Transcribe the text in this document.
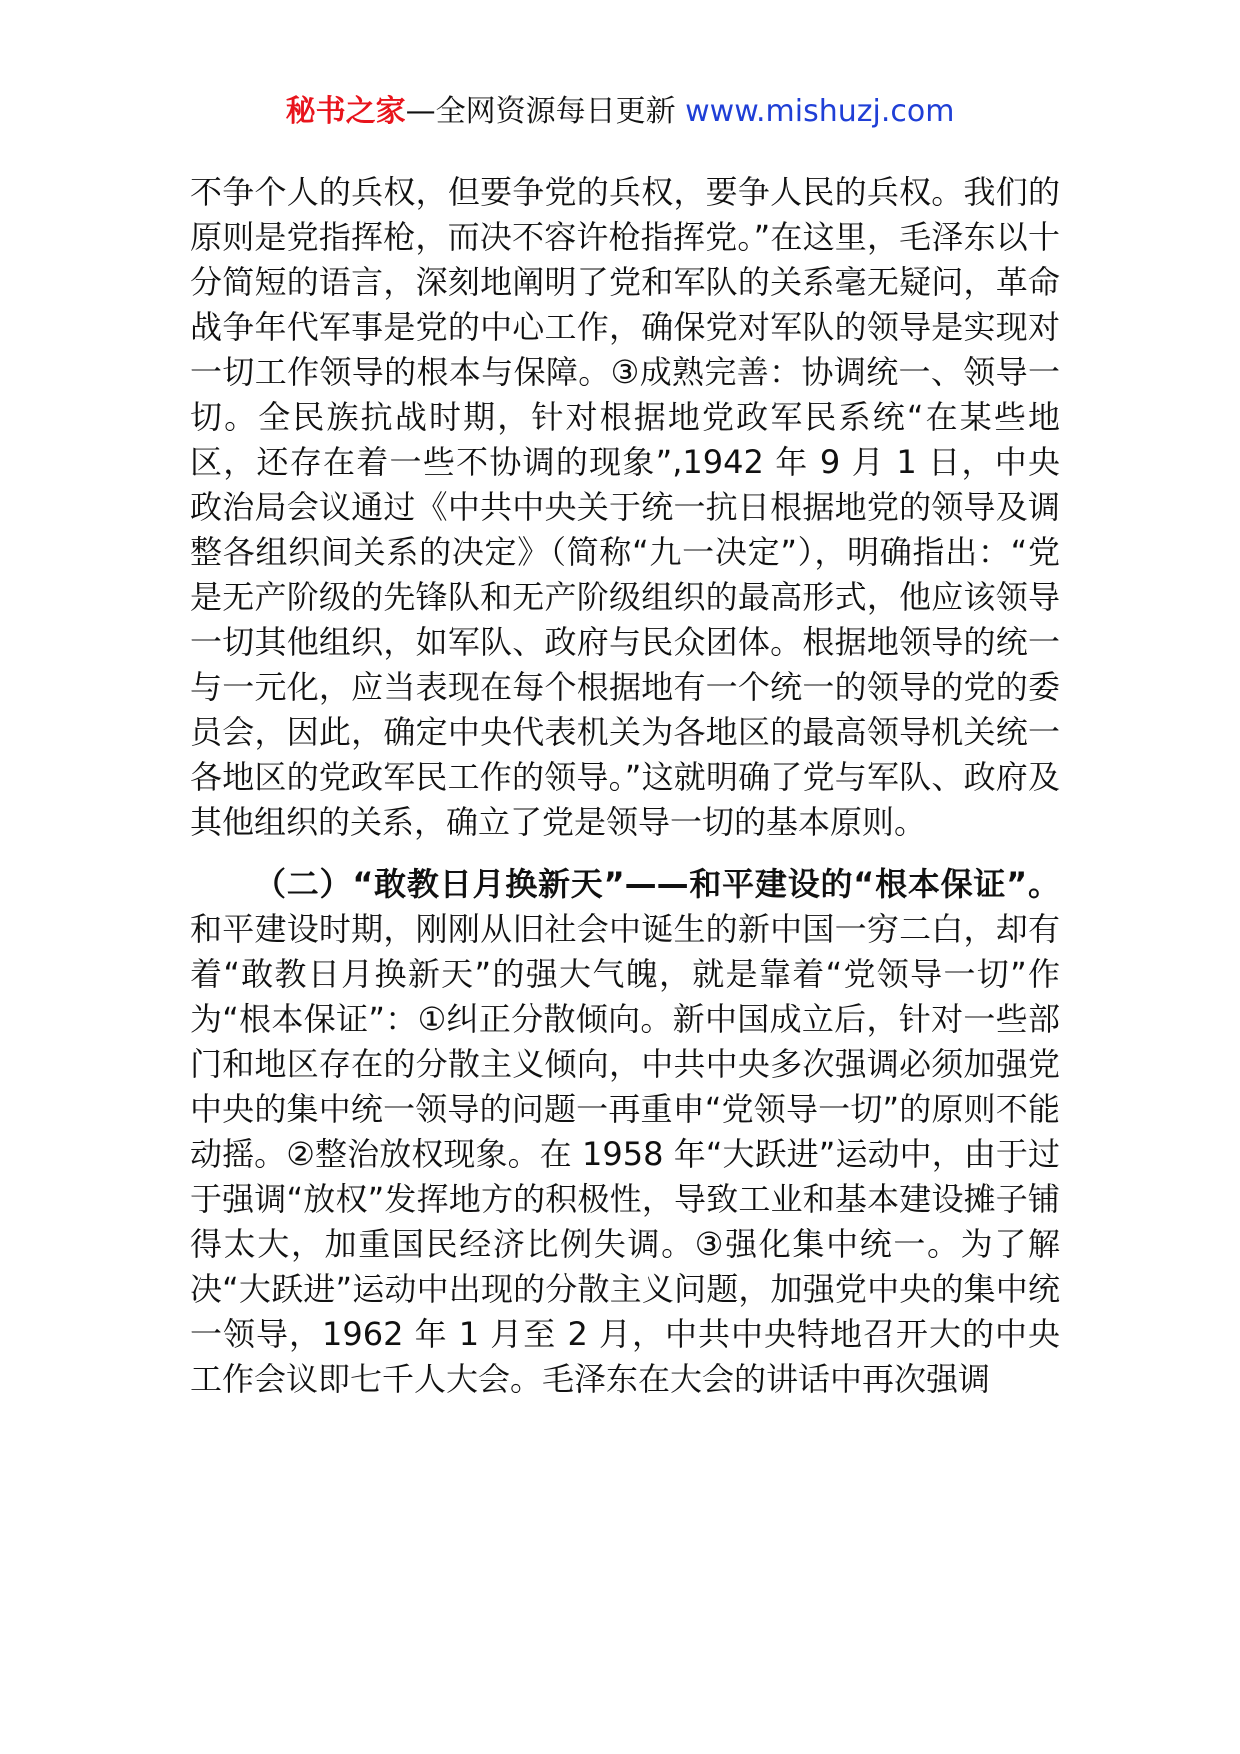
秘书之家—全网资源每日更新 www.mishuzj.com

不争个人的兵权，但要争党的兵权，要争人民的兵权。我们的原则是党指挥枪，而决不容许枪指挥党。”在这里，毛泽东以十分简短的语言，深刻地阐明了党和军队的关系毫无疑问，革命战争年代军事是党的中心工作，确保党对军队的领导是实现对一切工作领导的根本与保障。③成熟完善：协调统一、领导一切。全民族抗战时期，针对根据地党政军民系统“在某些地区，还存在着一些不协调的现象”,1942 年 9 月 1 日，中央政治局会议通过《中共中央关于统一抗日根据地党的领导及调整各组织间关系的决定》（简称“九一决定”），明确指出：“党是无产阶级的先锋队和无产阶级组织的最高形式，他应该领导一切其他组织，如军队、政府与民众团体。根据地领导的统一与一元化，应当表现在每个根据地有一个统一的领导的党的委员会，因此，确定中央代表机关为各地区的最高领导机关统一各地区的党政军民工作的领导。”这就明确了党与军队、政府及其他组织的关系，确立了党是领导一切的基本原则。

（二）“敢教日月换新天”——和平建设的“根本保证”。和平建设时期，刚刚从旧社会中诞生的新中国一穷二白，却有着“敢教日月换新天”的强大气魄，就是靠着“党领导一切”作为“根本保证”：①纠正分散倾向。新中国成立后，针对一些部门和地区存在的分散主义倾向，中共中央多次强调必须加强党中央的集中统一领导的问题一再重申“党领导一切”的原则不能动摇。②整治放权现象。在 1958 年“大跃进”运动中，由于过于强调“放权”发挥地方的积极性，导致工业和基本建设摊子铺得太大，加重国民经济比例失调。③强化集中统一。为了解决“大跃进”运动中出现的分散主义问题，加强党中央的集中统一领导，1962 年 1 月至 2 月，中共中央特地召开大的中央工作会议即七千人大会。毛泽东在大会的讲话中再次强调
